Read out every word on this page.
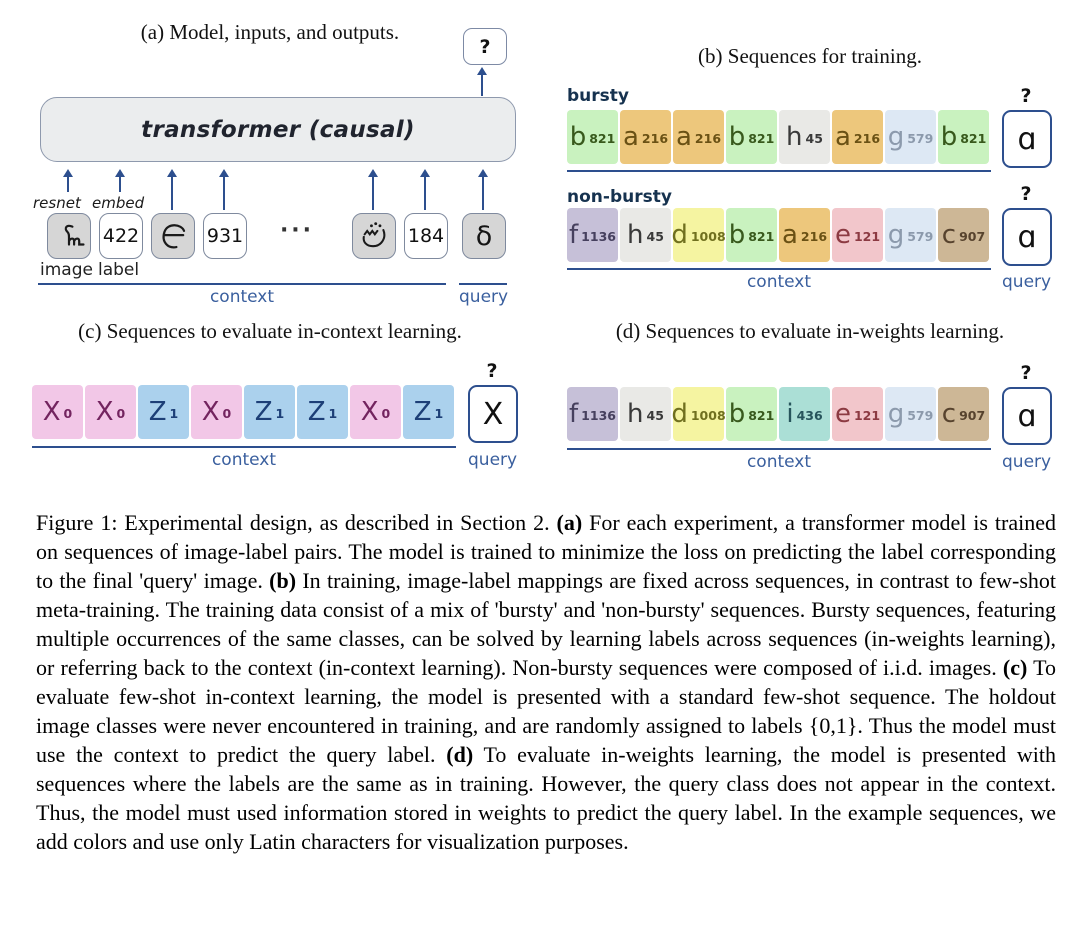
(a) Model, inputs, and outputs.
?
transformer (causal)
resnet embed
422	931	···	184 δ
image label
context	query
(b) Sequences for training.
bursty	?
b 821 a 216 a 216 b 821 h 45 a 216 g 579 b 821 ɑ
non-bursty	?
f 1136 h 45 d 1008 b 821 a 216 e 121 g 579 c 907 ɑ
context	query
(c) Sequences to evaluate in-context learning.
?
X 0 X 0 Z 1 X 0 Z 1 Z 1 X 0 Z 1 X
context	query
(d) Sequences to evaluate in-weights learning.
?
f 1136 h 45 d 1008 b 821 i 436 e 121 g 579 c 907 ɑ
context	query
Figure 1: Experimental design, as described in Section 2. (a) For each experiment, a transformer model is trained on sequences of image-label pairs. The model is trained to minimize the loss on predicting the label corresponding to the final 'query' image. (b) In training, image-label mappings are fixed across sequences, in contrast to few-shot meta-training. The training data consist of a mix of 'bursty' and 'non-bursty' sequences. Bursty sequences, featuring multiple occurrences of the same classes, can be solved by learning labels across sequences (in-weights learning), or referring back to the context (in-context learning). Non-bursty sequences were composed of i.i.d. images. (c) To evaluate few-shot in-context learning, the model is presented with a standard few-shot sequence. The holdout image classes were never encountered in training, and are randomly assigned to labels {0,1}. Thus the model must use the context to predict the query label. (d) To evaluate in-weights learning, the model is presented with sequences where the labels are the same as in training. However, the query class does not appear in the context. Thus, the model must used information stored in weights to predict the query label. In the example sequences, we add colors and use only Latin characters for visualization purposes.
